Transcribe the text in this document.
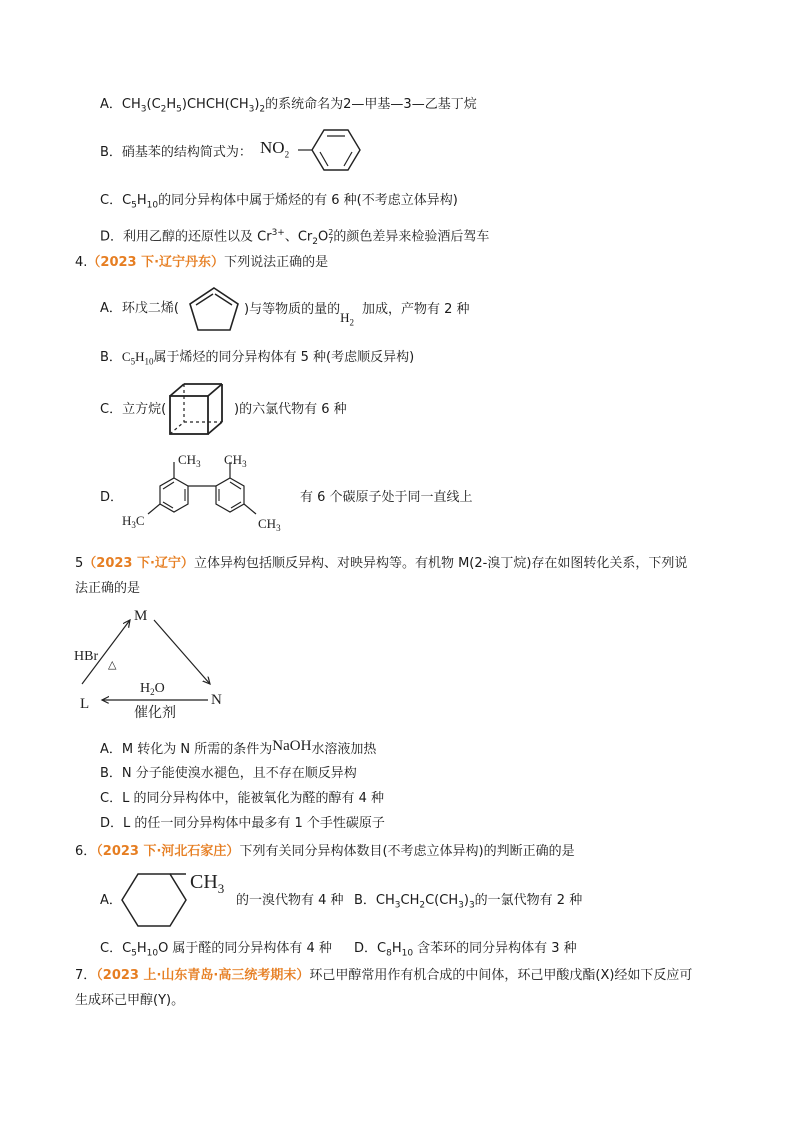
A．$CH_3(C_2H_5)CHCH(CH_3)_2$的系统命名为2—甲基—3—乙基丁烷
B．硝基苯的结构简式为： $NO_2$
C．$C_5H_{10}$的同分异构体中属于烯烃的有 6 种(不考虑立体异构)
D．利用乙醇的还原性以及 $Cr^{3+}$、$Cr_2O$ 2
7 的颜色差异来检验酒后驾车
4.（2023 下·辽宁丹东）下列说法正确的是
A．环戊二烯(	)与等物质的量的$H_2$加成，产物有 2 种
B．$C_5H_{10}$属于烯烃的同分异构体有 5 种(考虑顺反异构)
C．立方烷(	)的六氯代物有 6 种
D．
$CH_3$ $CH_3$
$H_3C$	$CH_3$
有 6 个碳原子处于同一直线上
5（2023 下·辽宁）立体异构包括顺反异构、对映异构等。有机物 M(2-溴丁烷)存在如图转化关系，下列说
法正确的是
M
L	N
HBr
△
$H_2O$
催化剂
A．M 转化为 N 所需的条件为NaOH水溶液加热
B．N 分子能使溴水褪色，且不存在顺反异构
C．L 的同分异构体中，能被氧化为醛的醇有 4 种
D．L 的任一同分异构体中最多有 1 个手性碳原子
6．（2023 下·河北石家庄）下列有关同分异构体数目(不考虑立体异构)的判断正确的是
A．
$CH_3$
的一溴代物有 4 种 B．$CH_3CH_2C(CH_3)_3$的一氯代物有 2 种
C．$C_5H_{10}O$ 属于醛的同分异构体有 4 种 D．$C_8H_{10}$ 含苯环的同分异构体有 3 种
7．（2023 上·山东青岛·高三统考期末）环己甲醇常用作有机合成的中间体，环己甲酸戊酯(X)经如下反应可
生成环己甲醇(Y)。
